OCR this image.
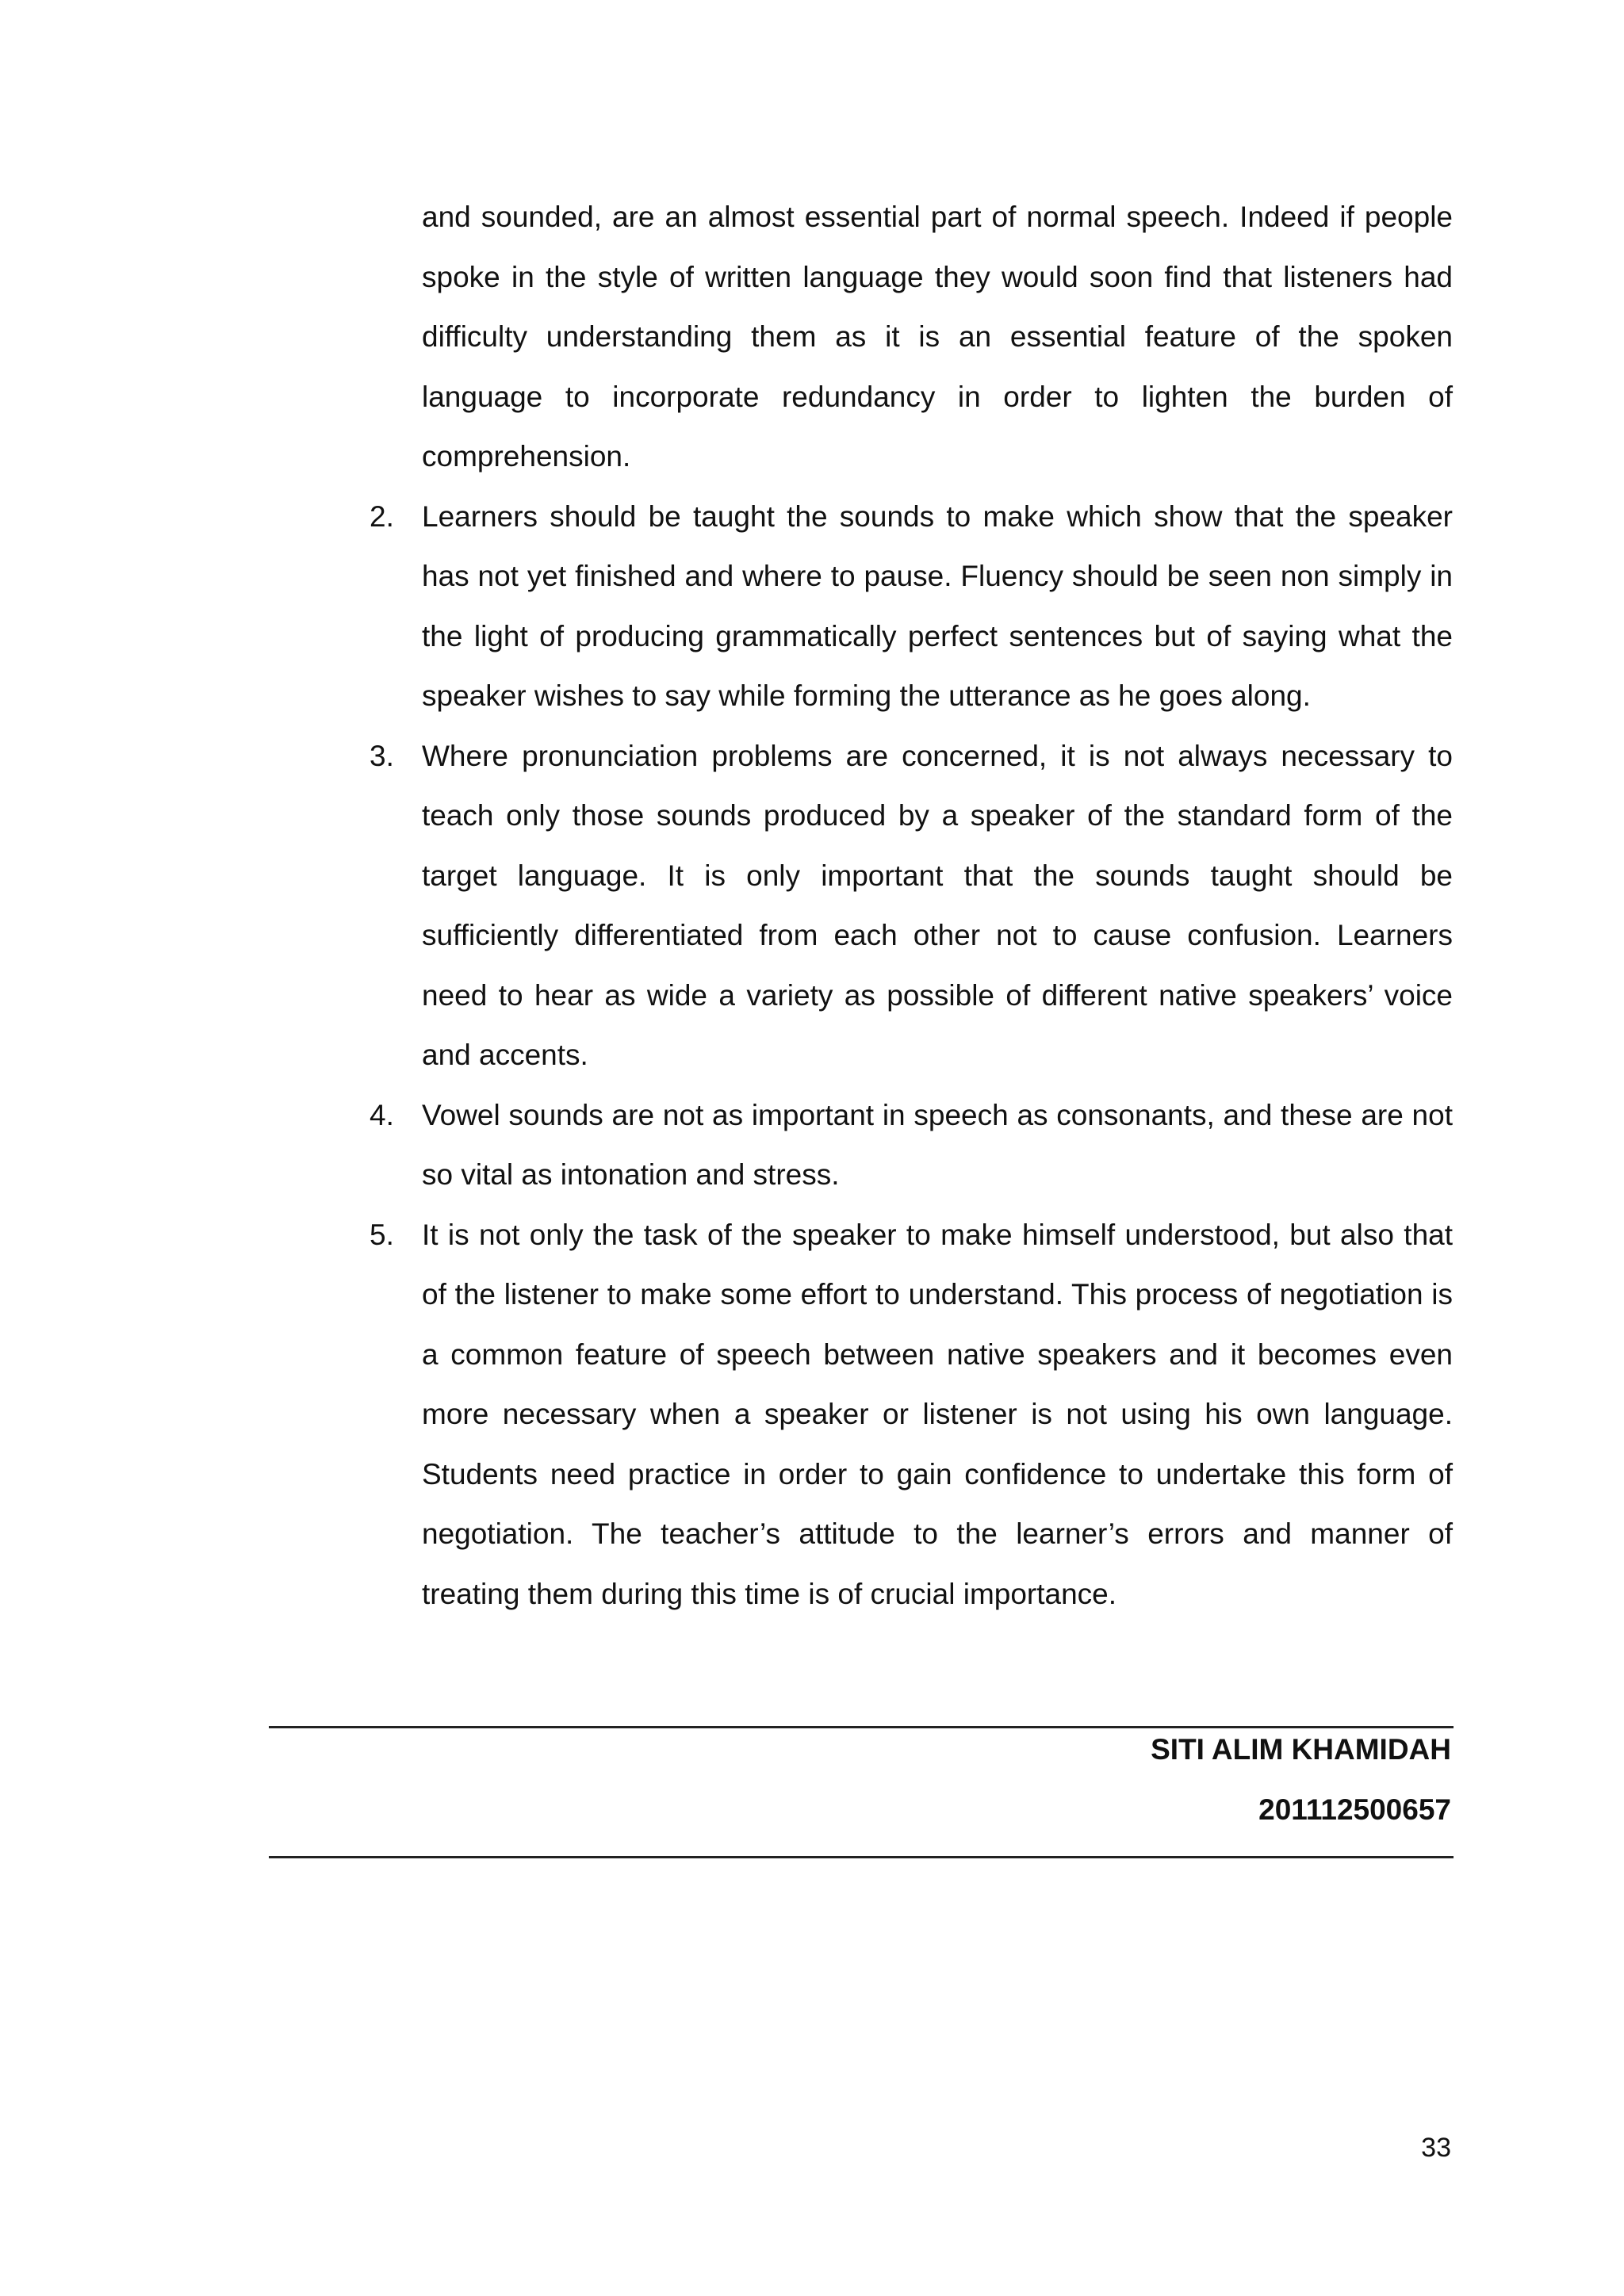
and sounded, are an almost essential part of normal speech. Indeed if people spoke in the style of written language they would soon find that listeners had difficulty understanding them as it is an essential feature of the spoken language to incorporate redundancy in order to lighten the burden of comprehension.

2. Learners should be taught the sounds to make which show that the speaker has not yet finished and where to pause. Fluency should be seen non simply in the light of producing grammatically perfect sentences but of saying what the speaker wishes to say while forming the utterance as he goes along.
3. Where pronunciation problems are concerned, it is not always necessary to teach only those sounds produced by a speaker of the standard form of the target language. It is only important that the sounds taught should be sufficiently differentiated from each other not to cause confusion. Learners need to hear as wide a variety as possible of different native speakers’ voice and accents.
4. Vowel sounds are not as important in speech as consonants, and these are not so vital as intonation and stress.
5. It is not only the task of the speaker to make himself understood, but also that of the listener to make some effort to understand. This process of negotiation is a common feature of speech between native speakers and it becomes even more necessary when a speaker or listener is not using his own language. Students need practice in order to gain confidence to undertake this form of negotiation. The teacher’s attitude to the learner’s errors and manner of treating them during this time is of crucial importance.
SITI ALIM KHAMIDAH
201112500657
33
